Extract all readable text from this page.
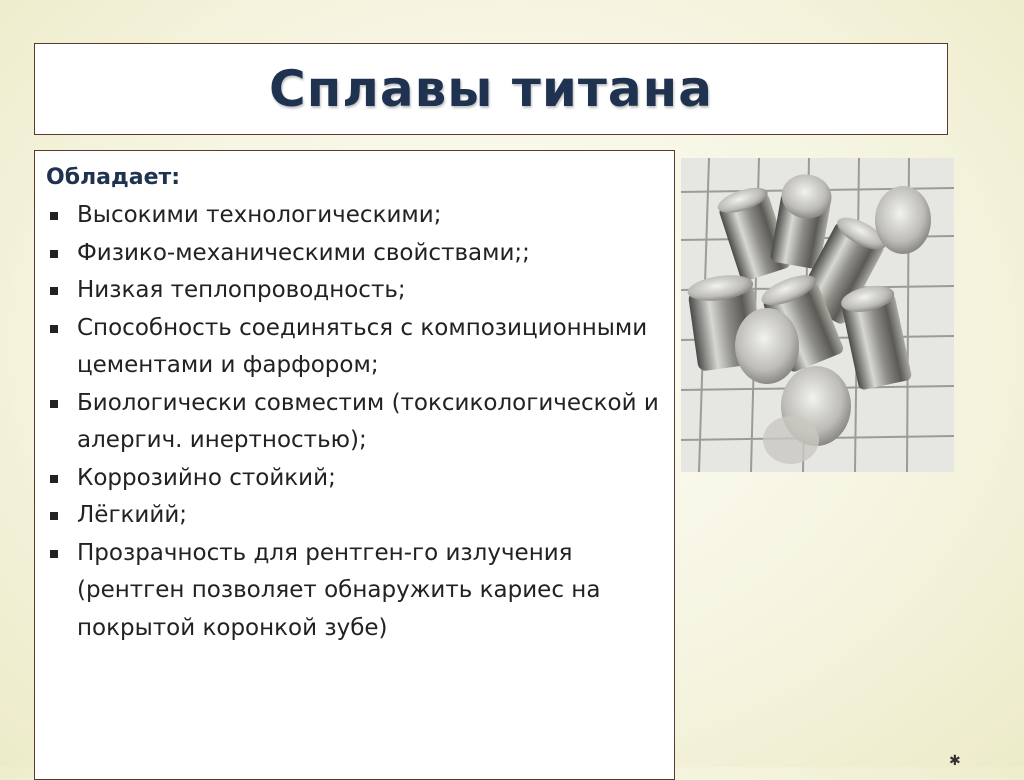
Сплавы титана
Обладает:
Высокими технологическими;
Физико-механическими свойствами;;
Низкая теплопроводность;
Способность соединяться с композиционными цементами и фарфором;
Биологически совместим (токсикологической и алергич. инертностью);
Коррозийно стойкий;
Лёгкийй;
Прозрачность для рентген-го излучения (рентген позволяет обнаружить кариес на покрытой коронкой зубе)
✱
